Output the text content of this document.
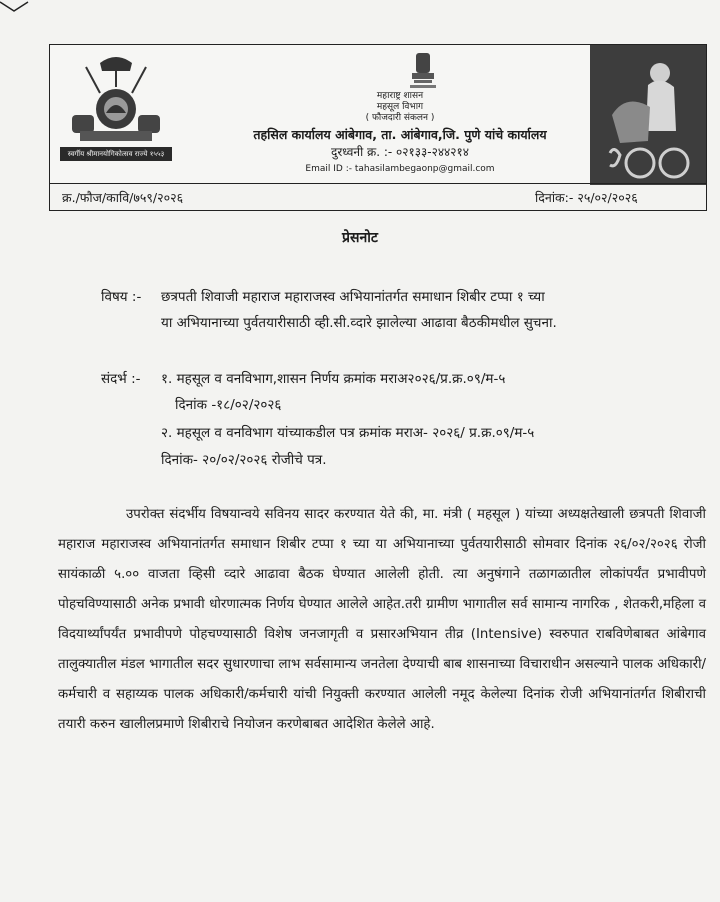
स्वर्गीय श्रीमानयोगिकोत्सव राज्ये १५५३
महाराष्ट्र शासन
महसूल विभाग
( फौजदारी संकलन )
तहसिल कार्यालय आंबेगाव, ता. आंबेगाव,जि. पुणे यांचे कार्यालय
दुरध्वनी क्र. :- ०२१३३-२४४२१४
Email ID :- tahasilambegaonp@gmail.com
क्र./फौज/कावि/७५९/२०२६	दिनांक:- २५/०२/२०२६
प्रेसनोट
विषय :- छत्रपती शिवाजी महाराज महाराजस्व अभियानांतर्गत समाधान शिबीर टप्पा १ च्या
या अभियानाच्या पुर्वतयारीसाठी व्ही.सी.व्दारे झालेल्या आढावा बैठकीमधील सुचना.
संदर्भ :- १. महसूल व वनविभाग,शासन निर्णय क्रमांक मराअ२०२६/प्र.क्र.०९/म-५
दिनांक -१८/०२/२०२६
२. महसूल व वनविभाग यांच्याकडील पत्र क्रमांक मराअ- २०२६/ प्र.क्र.०९/म-५
दिनांक- २०/०२/२०२६ रोजीचे पत्र.

उपरोक्त संदर्भीय विषयान्वये सविनय सादर करण्यात येते की, मा. मंत्री ( महसूल ) यांच्या अध्यक्षतेखाली छत्रपती शिवाजी महाराज महाराजस्व अभियानांतर्गत समाधान शिबीर टप्पा १ च्या या अभियानाच्या पुर्वतयारीसाठी सोमवार दिनांक २६/०२/२०२६ रोजी सायंकाळी ५.०० वाजता व्हिसी व्दारे आढावा बैठक घेण्यात आलेली होती. त्या अनुषंगाने तळागळातील लोकांपर्यंत प्रभावीपणे पोहचविण्यासाठी अनेक प्रभावी धोरणात्मक निर्णय घेण्यात आलेले आहेत.तरी ग्रामीण भागातील सर्व सामान्य नागरिक , शेतकरी,महिला व विदयार्थ्यांपर्यंत प्रभावीपणे पोहचण्यासाठी विशेष जनजागृती व प्रसारअभियान तीव्र (Intensive) स्वरुपात राबविणेबाबत आंबेगाव तालुक्यातील मंडल भागातील सदर सुधारणाचा लाभ सर्वसामान्य जनतेला देण्याची बाब शासनाच्या विचाराधीन असल्याने पालक अधिकारी/कर्मचारी व सहाय्यक पालक अधिकारी/कर्मचारी यांची नियुक्ती करण्यात आलेली नमूद केलेल्या दिनांक रोजी अभियानांतर्गत शिबीराची तयारी करुन खालीलप्रमाणे शिबीराचे नियोजन करणेबाबत आदेशित केलेले आहे.
